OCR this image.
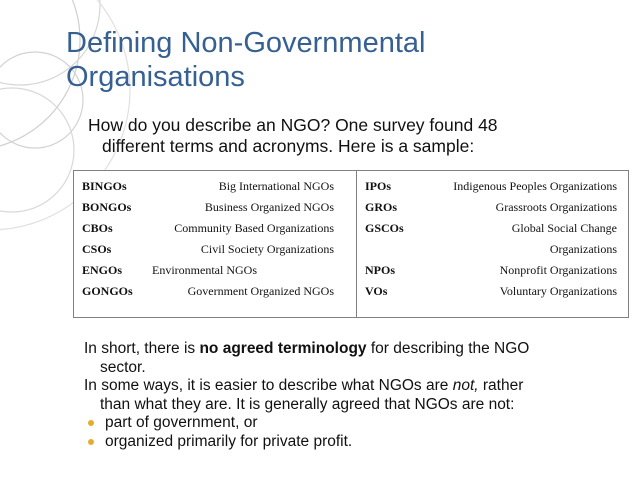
Defining Non-Governmental
Organisations

How do you describe an NGO? One survey found 48
different terms and acronyms. Here is a sample:

BINGOs	Big International NGOs
BONGOs	Business Organized NGOs
CBOs	Community Based Organizations
CSOs	Civil Society Organizations
ENGOs Environmental NGOs
GONGOs	Government Organized NGOs
IPOs	Indigenous Peoples Organizations
GROs	Grassroots Organizations
GSCOs	Global Social Change
Organizations
NPOs	Nonprofit Organizations
VOs	Voluntary Organizations

In short, there is no agreed terminology for describing the NGO
sector.

In some ways, it is easier to describe what NGOs are not, rather
than what they are. It is generally agreed that NGOs are not:

part of government, or

organized primarily for private profit.
